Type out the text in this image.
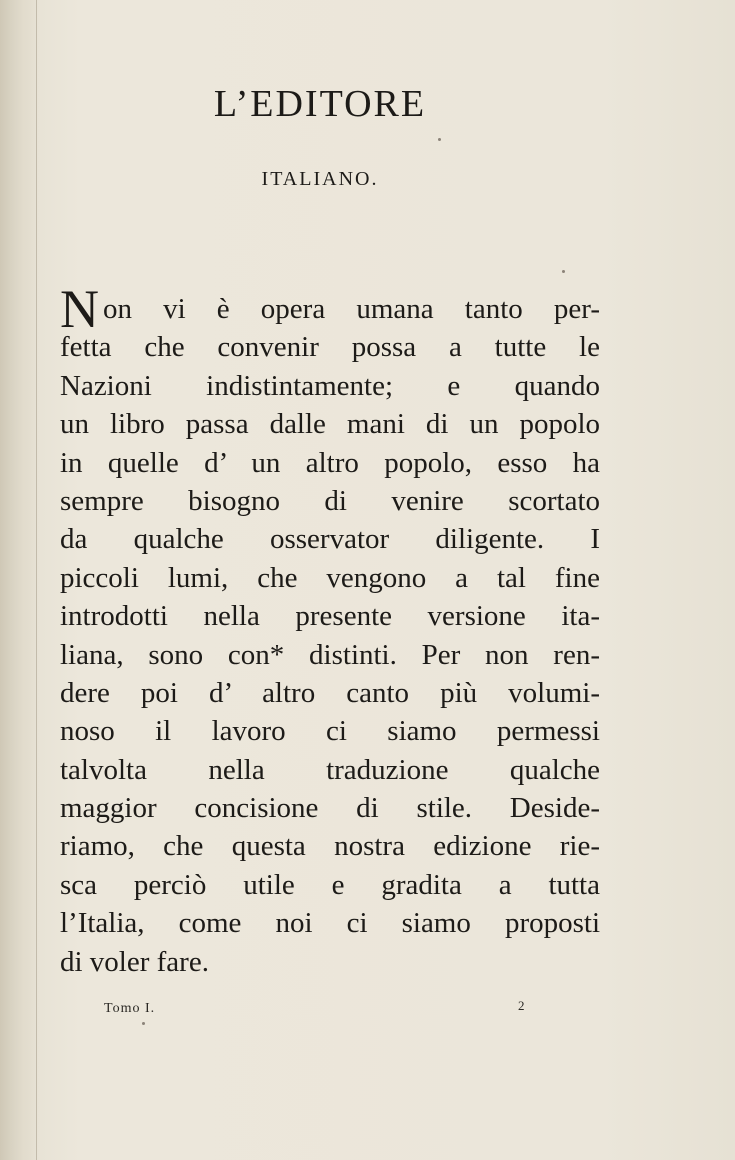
L’EDITORE
ITALIANO.
N on vi è opera umana tanto per-
fetta che convenir possa a tutte le
Nazioni indistintamente; e quando
un libro passa dalle mani di un popolo
in quelle d’ un altro popolo, esso ha
sempre bisogno di venire scortato
da qualche osservator diligente. I
piccoli lumi, che vengono a tal fine
introdotti nella presente versione ita-
liana, sono con* distinti. Per non ren-
dere poi d’ altro canto più volumi-
noso il lavoro ci siamo permessi
talvolta nella traduzione qualche
maggior concisione di stile. Deside-
riamo, che questa nostra edizione rie-
sca perciò utile e gradita a tutta
l’Italia, come noi ci siamo proposti
di voler fare.
Tomo I.	2
